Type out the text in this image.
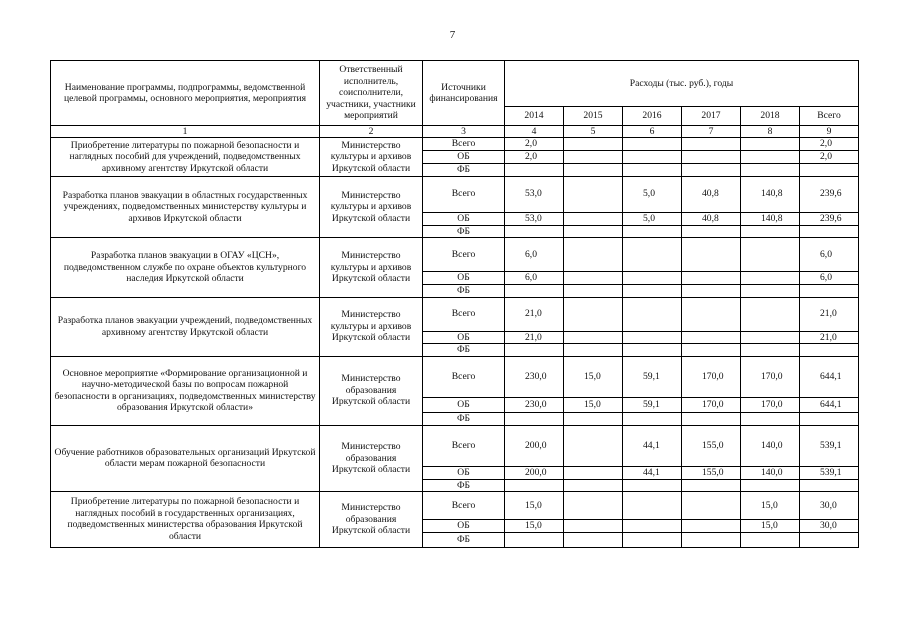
7
Наименование программы, подпрограммы, ведомственной целевой программы, основного мероприятия, мероприятия	Ответственный исполнитель, соисполнители, участники, участники мероприятий	Источники финансирования	Расходы (тыс. руб.), годы					
			2014	2015	2016	2017	2018	Всего
1	2	3	4	5	6	7	8	9
Приобретение литературы по пожарной безопасности и наглядных пособий для учреждений, подведомственных архивному агентству Иркутской области	Министерство культуры и архивов Иркутской области	Всего	2,0					2,0
		ОБ	2,0					2,0
		ФБ						
Разработка планов эвакуации в областных государственных учреждениях, подведомственных министерству культуры и архивов Иркутской области	Министерство культуры и архивов Иркутской области	Всего	53,0		5,0	40,8	140,8	239,6
		ОБ	53,0		5,0	40,8	140,8	239,6
		ФБ						
Разработка планов эвакуации в ОГАУ «ЦСН», подведомственном службе по охране объектов культурного наследия Иркутской области	Министерство культуры и архивов Иркутской области	Всего	6,0					6,0
		ОБ	6,0					6,0
		ФБ						
Разработка планов эвакуации учреждений, подведомственных архивному агентству Иркутской области	Министерство культуры и архивов Иркутской области	Всего	21,0					21,0
		ОБ	21,0					21,0
		ФБ						
Основное мероприятие «Формирование организационной и научно-методической базы по вопросам пожарной безопасности в организациях, подведомственных министерству образования Иркутской области»	Министерство образования Иркутской области	Всего	230,0	15,0	59,1	170,0	170,0	644,1
		ОБ	230,0	15,0	59,1	170,0	170,0	644,1
		ФБ						
Обучение работников образовательных организаций Иркутской области мерам пожарной безопасности	Министерство образования Иркутской области	Всего	200,0		44,1	155,0	140,0	539,1
		ОБ	200,0		44,1	155,0	140,0	539,1
		ФБ						
Приобретение литературы по пожарной безопасности и наглядных пособий в государственных организациях, подведомственных министерства образования Иркутской области	Министерство образования Иркутской области	Всего	15,0				15,0	30,0
		ОБ	15,0				15,0	30,0
		ФБ						
